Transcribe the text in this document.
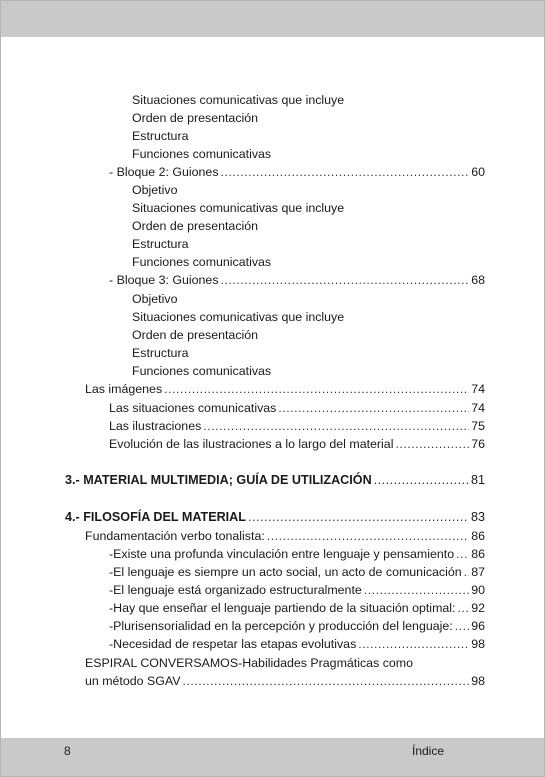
Situaciones comunicativas que incluye
Orden de presentación
Estructura
Funciones comunicativas
- Bloque 2: Guiones .....	60
Objetivo
Situaciones comunicativas que incluye
Orden de presentación
Estructura
Funciones comunicativas
- Bloque 3: Guiones .....	68
Objetivo
Situaciones comunicativas que incluye
Orden de presentación
Estructura
Funciones comunicativas
Las imágenes .....	74
Las situaciones comunicativas .....	74
Las ilustraciones .....	75
Evolución de las ilustraciones a lo largo del material .....	76
3.- MATERIAL MULTIMEDIA; GUÍA DE UTILIZACIÓN .....	81
4.- FILOSOFÍA DEL MATERIAL .....	83
Fundamentación verbo tonalista: .....	86
-Existe una profunda vinculación entre lenguaje y pensamiento ..... 86
-El lenguaje es siempre un acto social, un acto de comunicación ..... 87
-El lenguaje está organizado estructuralmente .....	90
-Hay que enseñar el lenguaje partiendo de la situación optimal: ..... 92
-Plurisensorialidad en la percepción y producción del lenguaje: ..... 96
-Necesidad de respetar las etapas evolutivas .....	98
ESPIRAL CONVERSAMOS-Habilidades Pragmáticas como
un método SGAV .....	98
8	Índice
